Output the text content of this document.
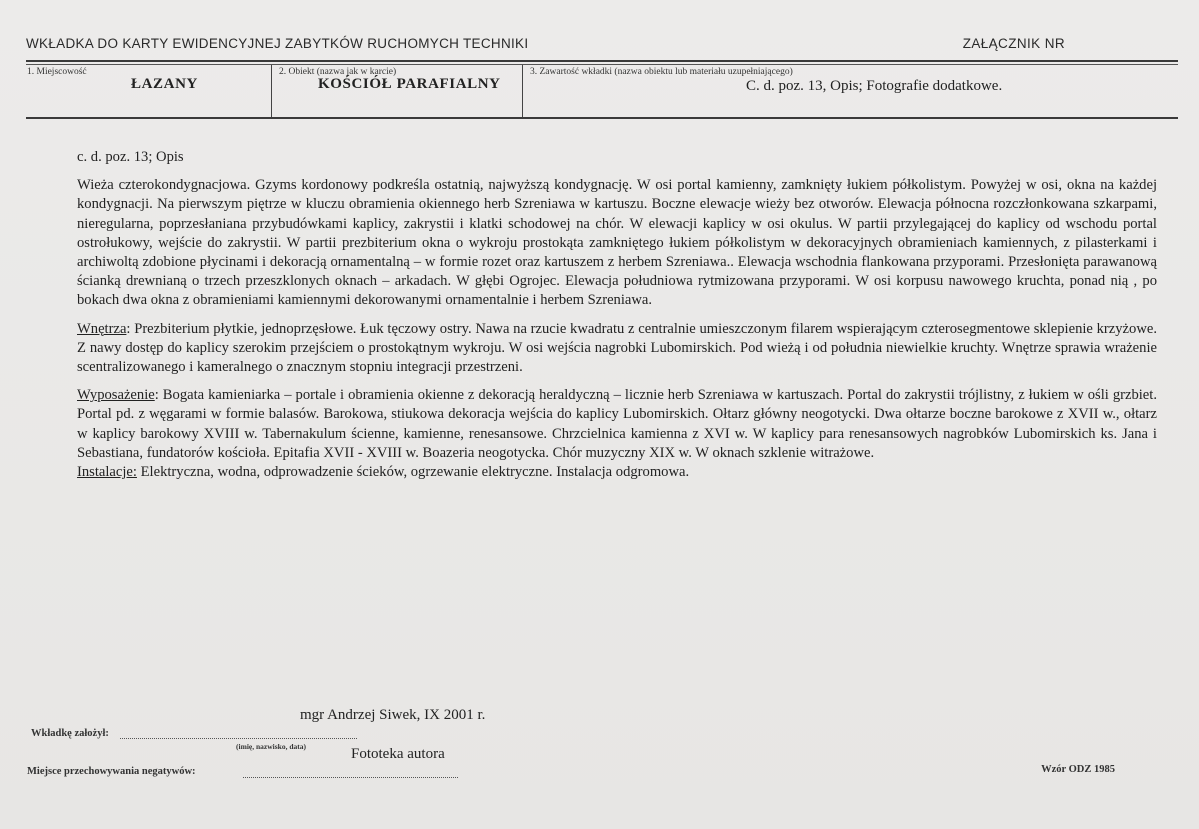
WKŁADKA DO KARTY EWIDENCYJNEJ ZABYTKÓW RUCHOMYCH TECHNIKI	ZAŁĄCZNIK NR
1. Miejscowość
ŁAZANY
2. Obiekt (nazwa jak w karcie)
KOŚCIÓŁ PARAFIALNY
3. Zawartość wkładki (nazwa obiektu lub materiału uzupełniającego)
C. d. poz. 13, Opis; Fotografie dodatkowe.

c. d. poz. 13; Opis

Wieża czterokondygnacjowa. Gzyms kordonowy podkreśla ostatnią, najwyższą kondygnację. W osi portal kamienny, zamknięty łukiem półkolistym. Powyżej w osi, okna na każdej kondygnacji. Na pierwszym piętrze w kluczu obramienia okiennego herb Szreniawa w kartuszu. Boczne elewacje wieży bez otworów. Elewacja północna rozczłonkowana szkarpami, nieregularna, poprzesłaniana przybudówkami kaplicy, zakrystii i klatki schodowej na chór. W elewacji kaplicy w osi okulus. W partii przylegającej do kaplicy od wschodu portal ostrołukowy, wejście do zakrystii. W partii prezbiterium okna o wykroju prostokąta zamkniętego łukiem półkolistym w dekoracyjnych obramieniach kamiennych, z pilasterkami i archiwoltą zdobione płycinami i dekoracją ornamentalną – w formie rozet oraz kartuszem z herbem Szreniawa.. Elewacja wschodnia flankowana przyporami. Przesłonięta parawanową ścianką drewnianą o trzech przeszklonych oknach – arkadach. W głębi Ogrojec. Elewacja południowa rytmizowana przyporami. W osi korpusu nawowego kruchta, ponad nią , po bokach dwa okna z obramieniami kamiennymi dekorowanymi ornamentalnie i herbem Szreniawa.

Wnętrza: Prezbiterium płytkie, jednoprzęsłowe. Łuk tęczowy ostry. Nawa na rzucie kwadratu z centralnie umieszczonym filarem wspierającym czterosegmentowe sklepienie krzyżowe. Z nawy dostęp do kaplicy szerokim przejściem o prostokątnym wykroju. W osi wejścia nagrobki Lubomirskich. Pod wieżą i od południa niewielkie kruchty. Wnętrze sprawia wrażenie scentralizowanego i kameralnego o znacznym stopniu integracji przestrzeni.

Wyposażenie: Bogata kamieniarka – portale i obramienia okienne z dekoracją heraldyczną – licznie herb Szreniawa w kartuszach. Portal do zakrystii trójlistny, z łukiem w ośli grzbiet. Portal pd. z węgarami w formie balasów. Barokowa, stiukowa dekoracja wejścia do kaplicy Lubomirskich. Ołtarz główny neogotycki. Dwa ołtarze boczne barokowe z XVII w., ołtarz w kaplicy barokowy XVIII w. Tabernakulum ścienne, kamienne, renesansowe. Chrzcielnica kamienna z XVI w. W kaplicy para renesansowych nagrobków Lubomirskich ks. Jana i Sebastiana, fundatorów kościoła. Epitafia XVII - XVIII w. Boazeria neogotycka. Chór muzyczny XIX w. W oknach szklenie witrażowe.

Instalacje: Elektryczna, wodna, odprowadzenie ścieków, ogrzewanie elektryczne. Instalacja odgromowa.

mgr Andrzej Siwek, IX 2001 r.
Wkładkę założył:
(imię, nazwisko, data)	Fototeka autora
Miejsce przechowywania negatywów:	Wzór ODZ 1985
